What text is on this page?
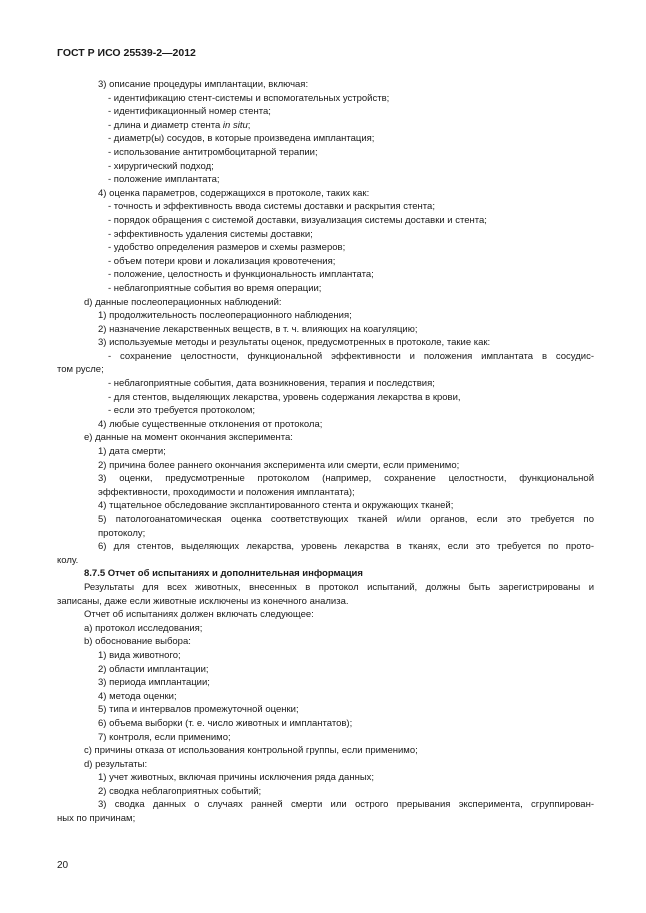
ГОСТ Р ИСО 25539-2—2012
3) описание процедуры имплантации, включая:
- идентификацию стент-системы и вспомогательных устройств;
- идентификационный номер стента;
- длина и диаметр стента in situ;
- диаметр(ы) сосудов, в которые произведена имплантация;
- использование антитромбоцитарной терапии;
- хирургический подход;
- положение имплантата;
4) оценка параметров, содержащихся в протоколе, таких как:
- точность и эффективность ввода системы доставки и раскрытия стента;
- порядок обращения с системой доставки, визуализация системы доставки и стента;
- эффективность удаления системы доставки;
- удобство определения размеров и схемы размеров;
- объем потери крови и локализация кровотечения;
- положение, целостность и функциональность имплантата;
- неблагоприятные события во время операции;
d) данные послеоперационных наблюдений:
1) продолжительность послеоперационного наблюдения;
2) назначение лекарственных веществ, в т. ч. влияющих на коагуляцию;
3) используемые методы и результаты оценок, предусмотренных в протоколе, такие как:
- сохранение целостности, функциональной эффективности и положения имплантата в сосудис-
том русле;
- неблагоприятные события, дата возникновения, терапия и последствия;
- для стентов, выделяющих лекарства, уровень содержания лекарства в крови,
- если это требуется протоколом;
4) любые существенные отклонения от протокола;
e) данные на момент окончания эксперимента:
1) дата смерти;
2) причина более раннего окончания эксперимента или смерти, если применимо;
3) оценки, предусмотренные протоколом (например, сохранение целостности, функциональной
эффективности, проходимости и положения имплантата);
4) тщательное обследование эксплантированного стента и окружающих тканей;
5) патологоанатомическая оценка соответствующих тканей и/или органов, если это требуется по
протоколу;
6) для стентов, выделяющих лекарства, уровень лекарства в тканях, если это требуется по прото-
колу.
8.7.5 Отчет об испытаниях и дополнительная информация
Результаты для всех животных, внесенных в протокол испытаний, должны быть зарегистрированы и
записаны, даже если животные исключены из конечного анализа.
Отчет об испытаниях должен включать следующее:
a) протокол исследования;
b) обоснование выбора:
1) вида животного;
2) области имплантации;
3) периода имплантации;
4) метода оценки;
5) типа и интервалов промежуточной оценки;
6) объема выборки (т. е. число животных и имплантатов);
7) контроля, если применимо;
c) причины отказа от использования контрольной группы, если применимо;
d) результаты:
1) учет животных, включая причины исключения ряда данных;
2) сводка неблагоприятных событий;
3) сводка данных о случаях ранней смерти или острого прерывания эксперимента, сгруппирован-
ных по причинам;
20
